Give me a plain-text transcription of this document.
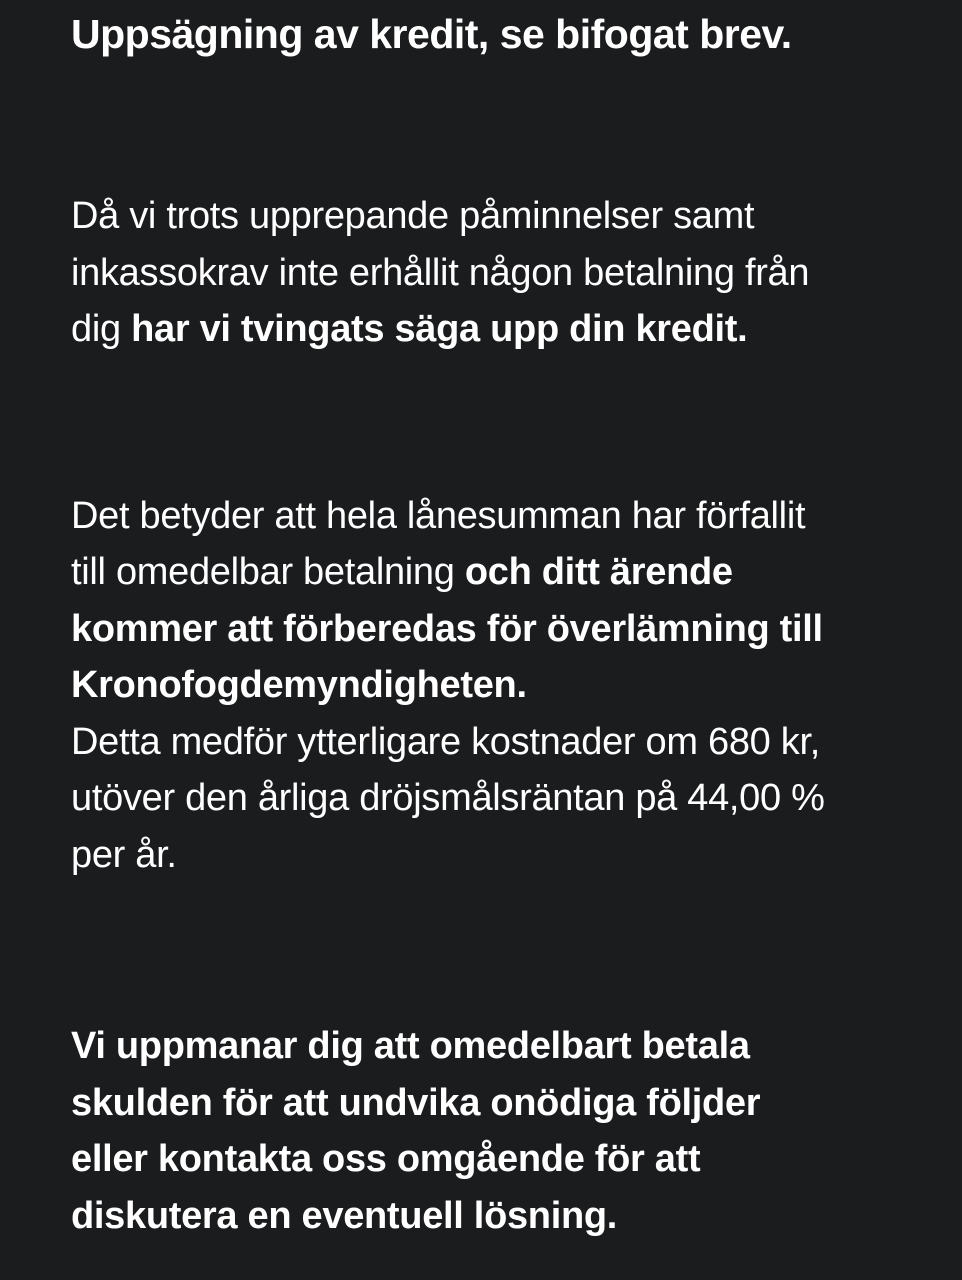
Uppsägning av kredit, se bifogat brev.
Då vi trots upprepande påminnelser samt
inkassokrav inte erhållit någon betalning från
dig har vi tvingats säga upp din kredit.
Det betyder att hela lånesumman har förfallit
till omedelbar betalning och ditt ärende
kommer att förberedas för överlämning till
Kronofogdemyndigheten.
Detta medför ytterligare kostnader om 680 kr,
utöver den årliga dröjsmålsräntan på 44,00 %
per år.
Vi uppmanar dig att omedelbart betala
skulden för att undvika onödiga följder
eller kontakta oss omgående för att
diskutera en eventuell lösning.
